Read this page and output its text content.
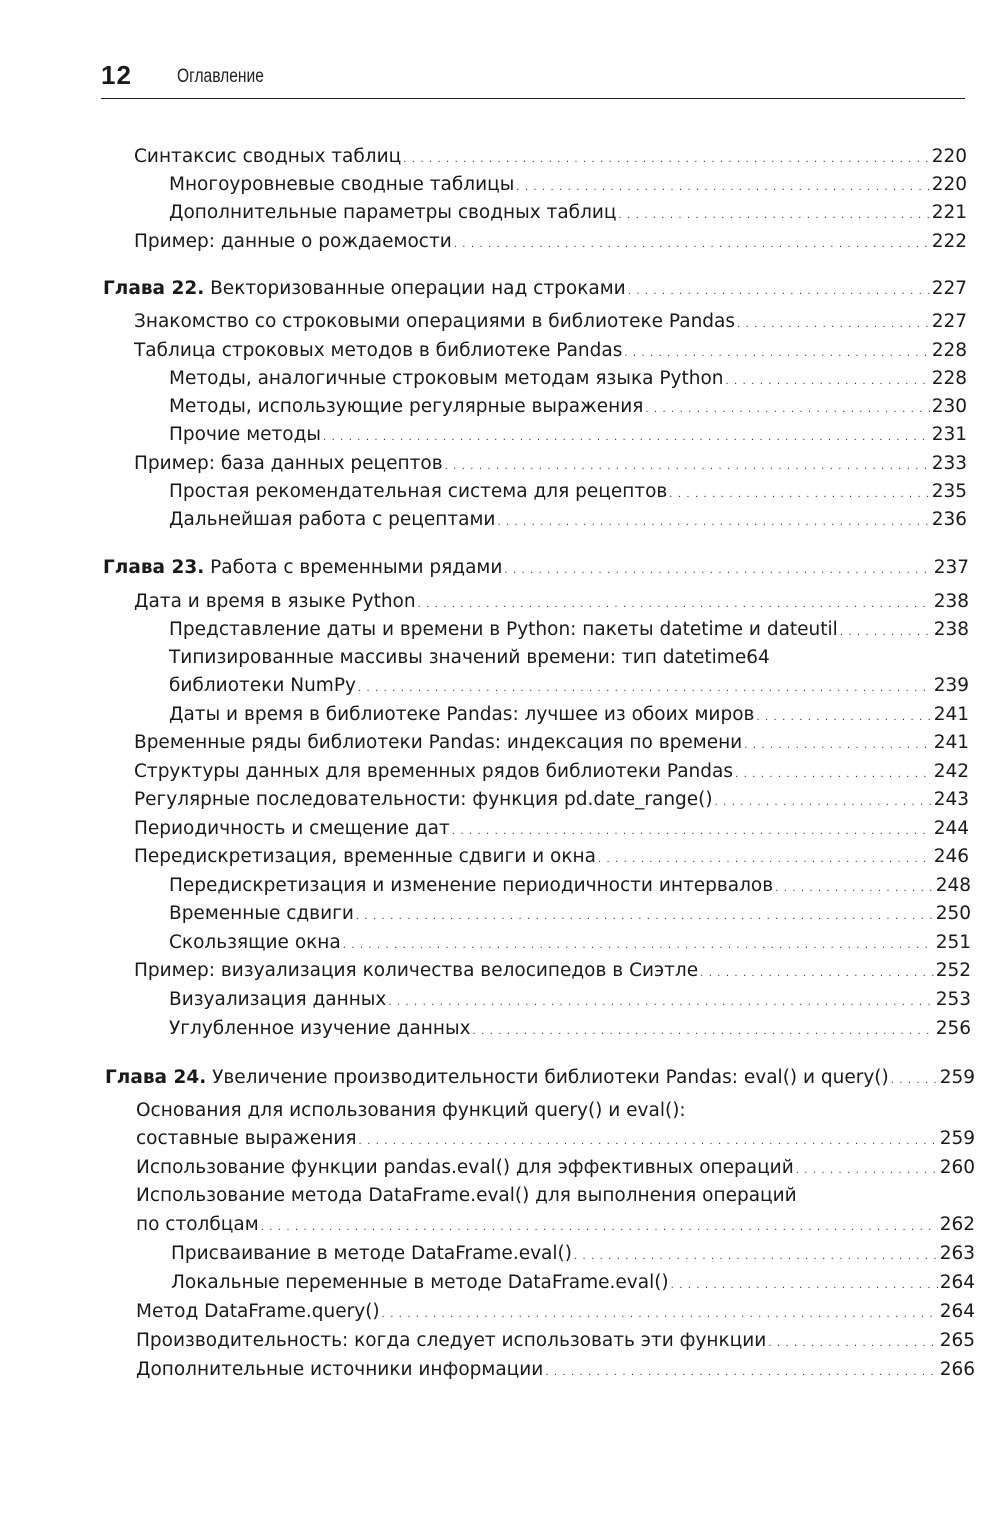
12 Оглавление
Синтаксис сводных таблиц . . .	220
Многоуровневые сводные таблицы . . .	220
Дополнительные параметры сводных таблиц . . .	221
Пример: данные о рождаемости . . .	222
Глава 22. Векторизованные операции над строками . . .	227
Знакомство со строковыми операциями в библиотеке Pandas . . .	227
Таблица строковых методов в библиотеке Pandas . . .	228
Методы, аналогичные строковым методам языка Python . . .	228
Методы, использующие регулярные выражения . . .	230
Прочие методы . . .	231
Пример: база данных рецептов . . .	233
Простая рекомендательная система для рецептов . . .	235
Дальнейшая работа с рецептами . . .	236
Глава 23. Работа с временными рядами . . .	237
Дата и время в языке Python . . .	238
Представление даты и времени в Python: пакеты datetime и dateutil . . .	238
Типизированные массивы значений времени: тип datetime64
библиотеки NumPy . . .	239
Даты и время в библиотеке Pandas: лучшее из обоих миров . . .	241
Временные ряды библиотеки Pandas: индексация по времени . . .	241
Структуры данных для временных рядов библиотеки Pandas . . .	242
Регулярные последовательности: функция pd.date_range() . . .	243
Периодичность и смещение дат . . .	244
Передискретизация, временные сдвиги и окна . . .	246
Передискретизация и изменение периодичности интервалов . . .	248
Временные сдвиги . . .	250
Скользящие окна . . .	251
Пример: визуализация количества велосипедов в Сиэтле . . .	252
Визуализация данных . . .	253
Углубленное изучение данных . . .	256
Глава 24. Увеличение производительности библиотеки Pandas: eval() и query() . . .	259
Основания для использования функций query() и eval():
составные выражения . . .	259
Использование функции pandas.eval() для эффективных операций . . .	260
Использование метода DataFrame.eval() для выполнения операций
по столбцам . . .	262
Присваивание в методе DataFrame.eval() . . .	263
Локальные переменные в методе DataFrame.eval() . . .	264
Метод DataFrame.query() . . .	264
Производительность: когда следует использовать эти функции . . .	265
Дополнительные источники информации . . .	266
